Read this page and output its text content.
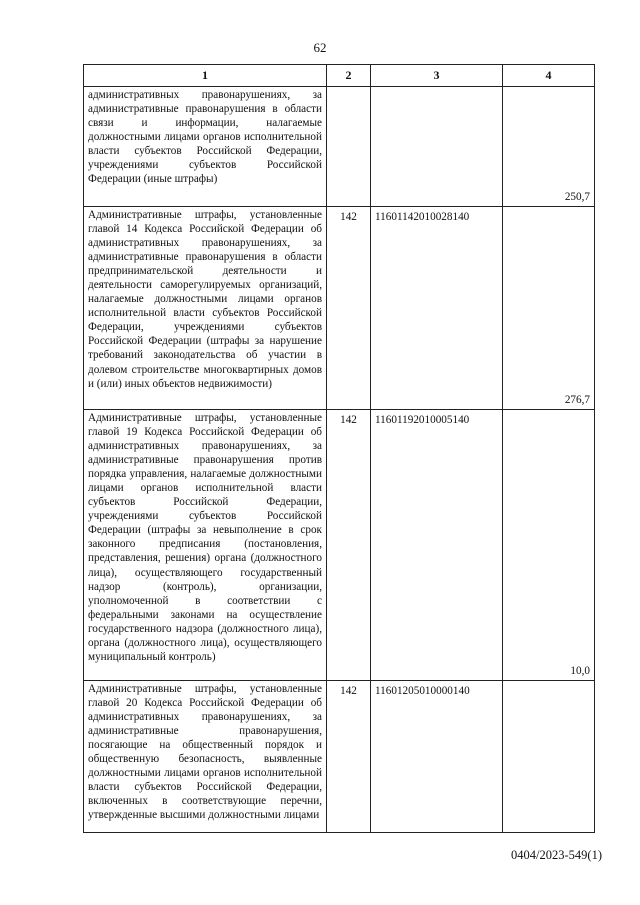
62
1	2	3	4

административных правонарушениях, за административные правонарушения в области связи и информации, налагаемые должностными лицами органов исполнительной власти субъектов Российской Федерации, учреждениями субъектов Российской Федерации (иные штрафы)			250,7

Административные штрафы, установленные главой 14 Кодекса Российской Федерации об административных правонарушениях, за административные правонарушения в области предпринимательской деятельности и деятельности саморегулируемых организаций, налагаемые должностными лицами органов исполнительной власти субъектов Российской Федерации, учреждениями субъектов Российской Федерации (штрафы за нарушение требований законодательства об участии в долевом строительстве многоквартирных домов и (или) иных объектов недвижимости)	142	11601142010028140	276,7

Административные штрафы, установленные главой 19 Кодекса Российской Федерации об административных правонарушениях, за административные правонарушения против порядка управления, налагаемые должностными лицами органов исполнительной власти субъектов Российской Федерации, учреждениями субъектов Российской Федерации (штрафы за невыполнение в срок законного предписания (постановления, представления, решения) органа (должностного лица), осуществляющего государственный надзор (контроль), организации, уполномоченной в соответствии с федеральными законами на осуществление государственного надзора (должностного лица), органа (должностного лица), осуществляющего муниципальный контроль)	142	11601192010005140	10,0

Административные штрафы, установленные главой 20 Кодекса Российской Федерации об административных правонарушениях, за административные правонарушения, посягающие на общественный порядок и общественную безопасность, выявленные должностными лицами органов исполнительной власти субъектов Российской Федерации, включенных в соответствующие перечни, утвержденные высшими должностными лицами	142	11601205010000140	
0404/2023-549(1)
